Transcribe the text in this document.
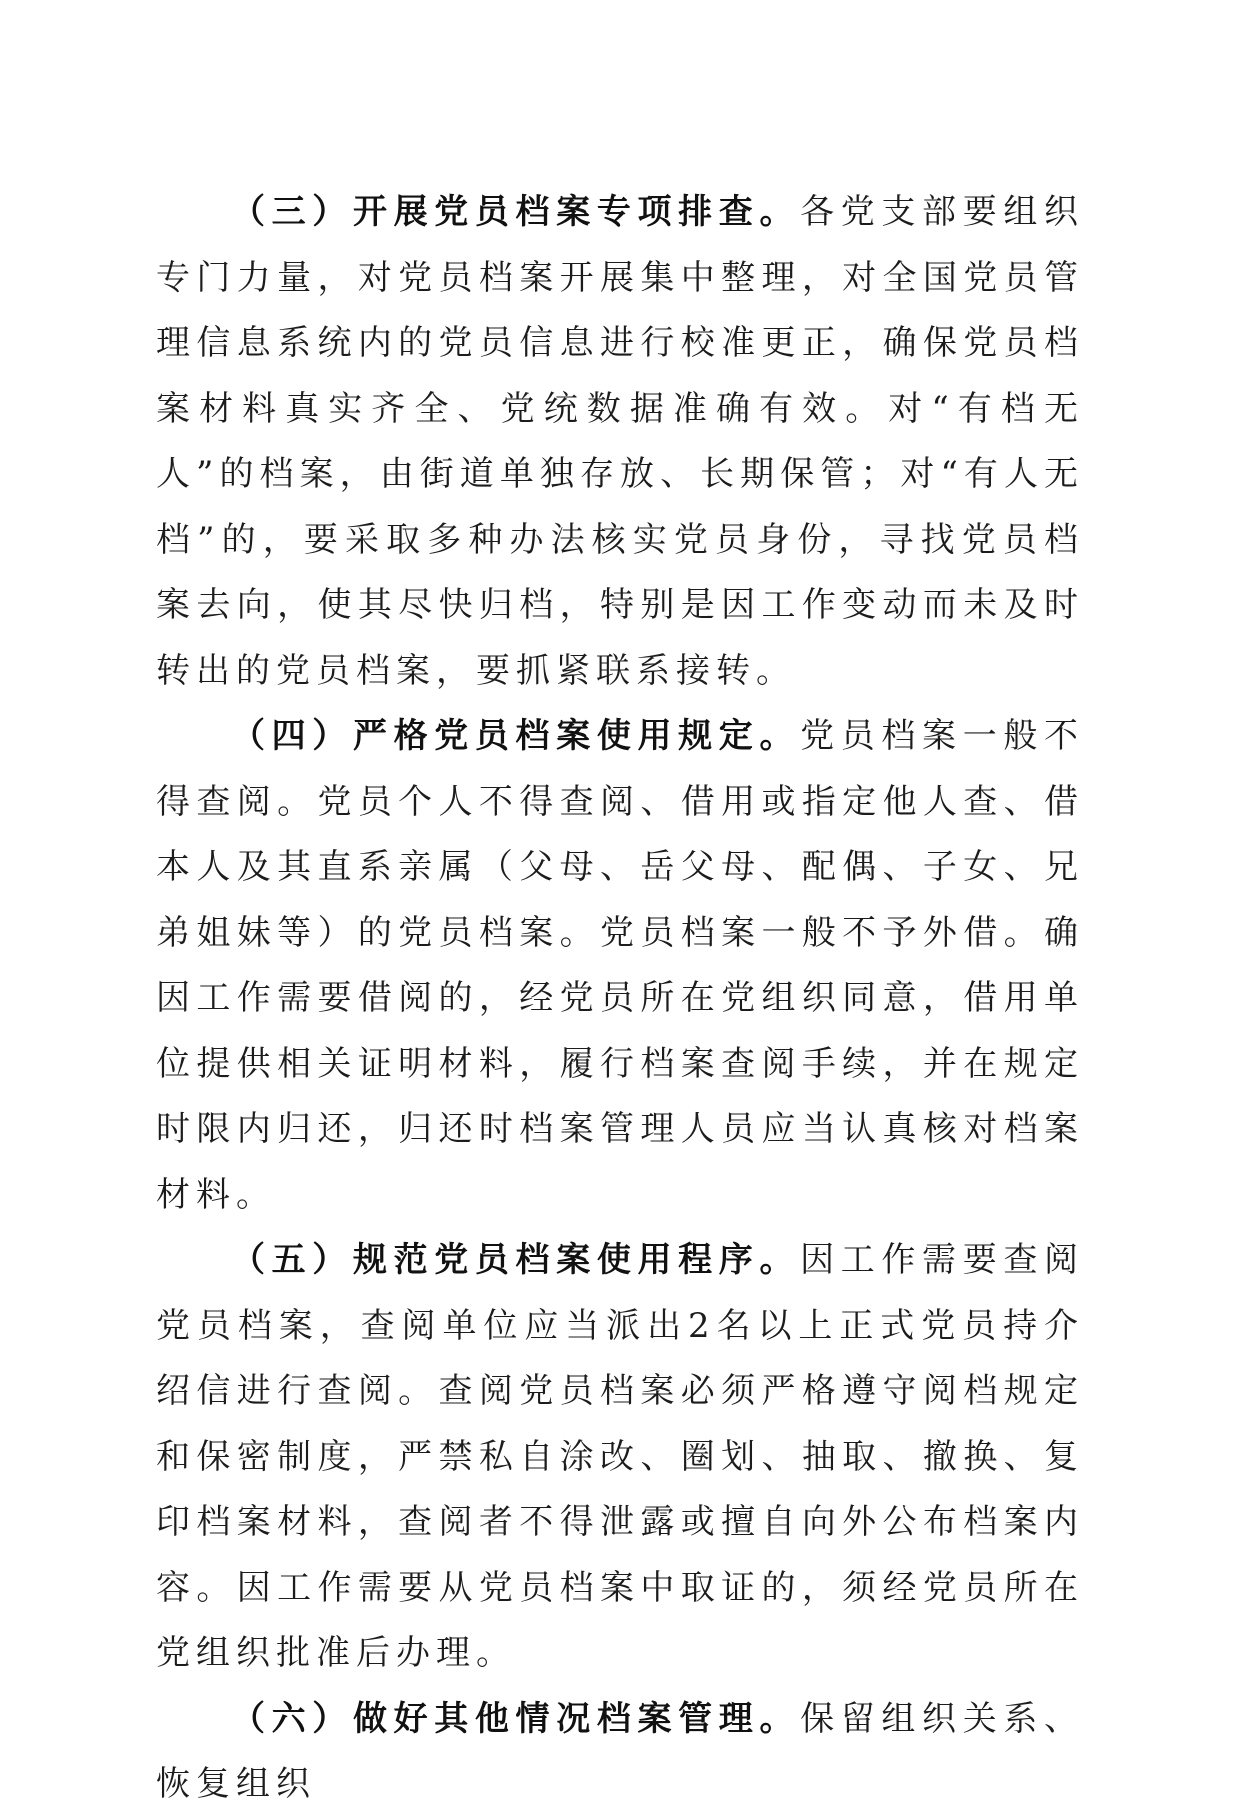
（三）开展党员档案专项排查。各党支部要组织专门力量，对党员档案开展集中整理，对全国党员管理信息系统内的党员信息进行校准更正，确保党员档案材料真实齐全、党统数据准确有效。对“有档无人”的档案，由街道单独存放、长期保管；对“有人无档”的，要采取多种办法核实党员身份，寻找党员档案去向，使其尽快归档，特别是因工作变动而未及时转出的党员档案，要抓紧联系接转。

（四）严格党员档案使用规定。党员档案一般不得查阅。党员个人不得查阅、借用或指定他人查、借本人及其直系亲属（父母、岳父母、配偶、子女、兄弟姐妹等）的党员档案。党员档案一般不予外借。确因工作需要借阅的，经党员所在党组织同意，借用单位提供相关证明材料，履行档案查阅手续，并在规定时限内归还，归还时档案管理人员应当认真核对档案材料。

（五）规范党员档案使用程序。因工作需要查阅党员档案，查阅单位应当派出2名以上正式党员持介绍信进行查阅。查阅党员档案必须严格遵守阅档规定和保密制度，严禁私自涂改、圈划、抽取、撤换、复印档案材料，查阅者不得泄露或擅自向外公布档案内容。因工作需要从党员档案中取证的，须经党员所在党组织批准后办理。

（六）做好其他情况档案管理。保留组织关系、恢复组织
